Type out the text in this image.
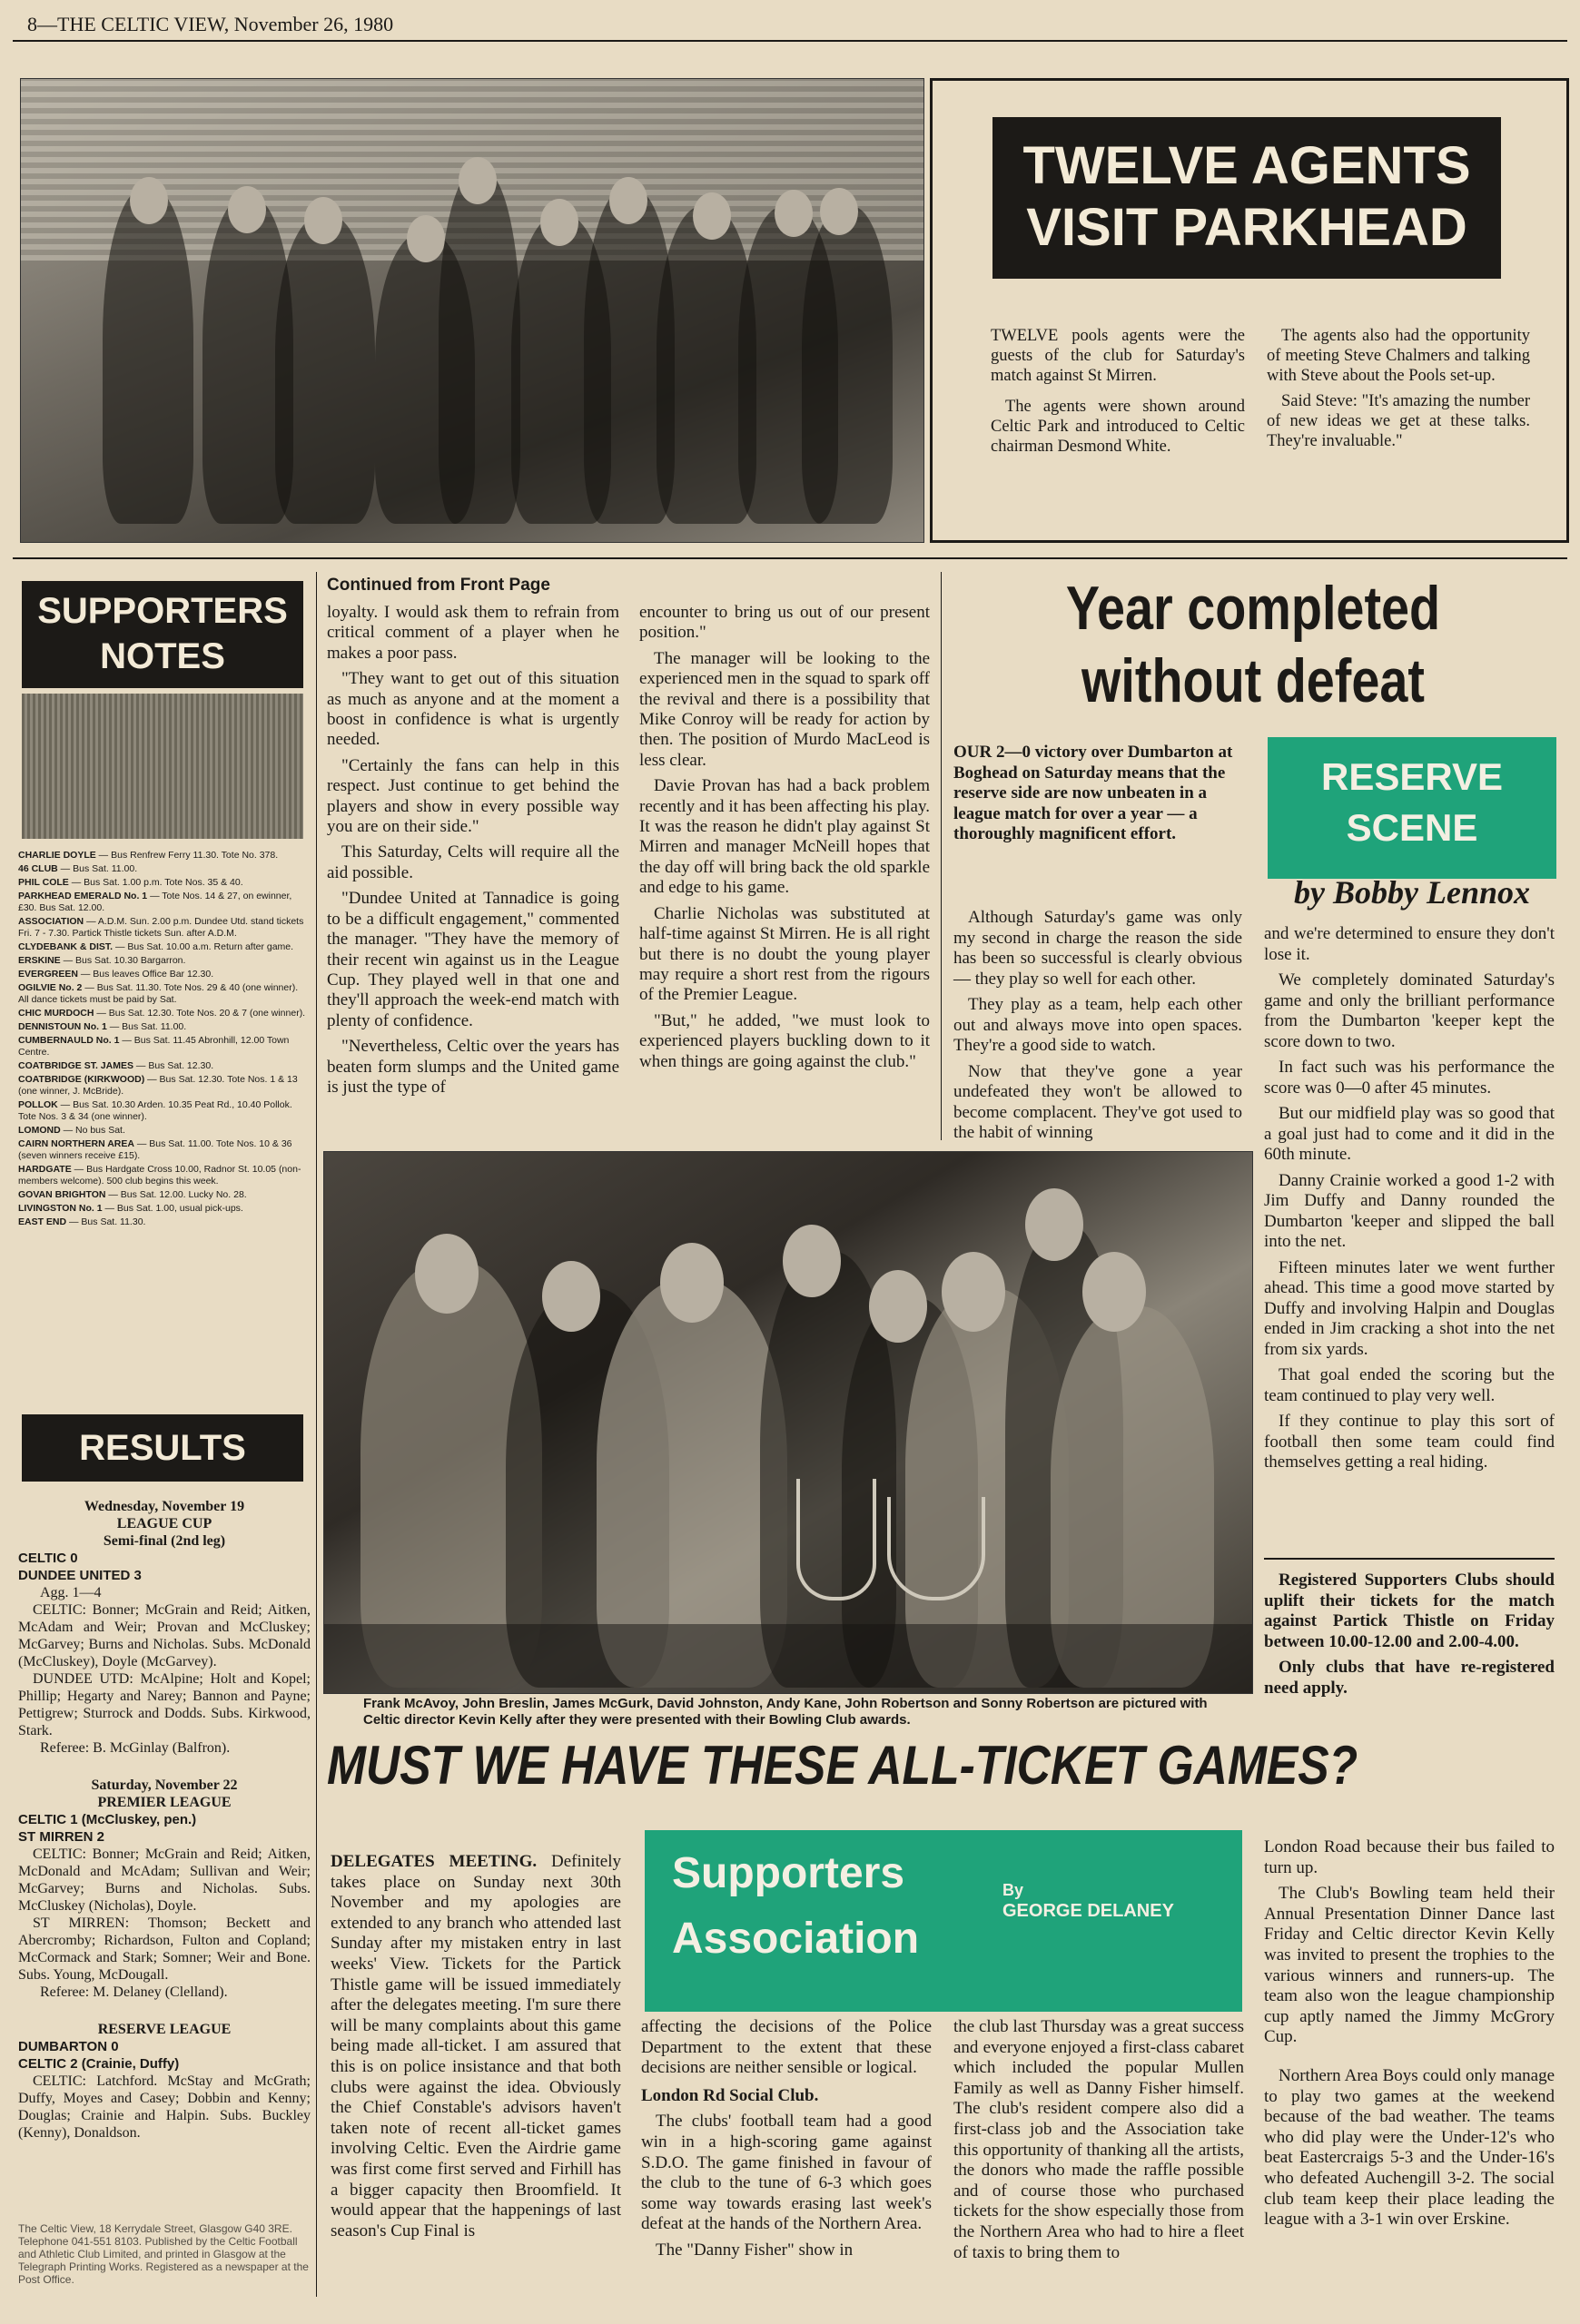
8—THE CELTIC VIEW, November 26, 1980
TWELVE AGENTS
VISIT PARKHEAD

TWELVE pools agents were the guests of the club for Saturday's match against St Mirren.

The agents were shown around Celtic Park and introduced to Celtic chairman Desmond White.

The agents also had the opportunity of meeting Steve Chalmers and talking with Steve about the Pools set-up.

Said Steve: "It's amazing the number of new ideas we get at these talks. They're invaluable."

SUPPORTERS
NOTES

CHARLIE DOYLE — Bus Renfrew Ferry 11.30. Tote No. 378.

46 CLUB — Bus Sat. 11.00.

PHIL COLE — Bus Sat. 1.00 p.m. Tote Nos. 35 & 40.

PARKHEAD EMERALD No. 1 — Tote Nos. 14 & 27, on ewinner, £30. Bus Sat. 12.00.

ASSOCIATION — A.D.M. Sun. 2.00 p.m. Dundee Utd. stand tickets Fri. 7 - 7.30. Partick Thistle tickets Sun. after A.D.M.

CLYDEBANK & DIST. — Bus Sat. 10.00 a.m. Return after game.

ERSKINE — Bus Sat. 10.30 Bargarron.

EVERGREEN — Bus leaves Office Bar 12.30.

OGILVIE No. 2 — Bus Sat. 11.30. Tote Nos. 29 & 40 (one winner). All dance tickets must be paid by Sat.

CHIC MURDOCH — Bus Sat. 12.30. Tote Nos. 20 & 7 (one winner).

DENNISTOUN No. 1 — Bus Sat. 11.00.

CUMBERNAULD No. 1 — Bus Sat. 11.45 Abronhill, 12.00 Town Centre.

COATBRIDGE ST. JAMES — Bus Sat. 12.30.

COATBRIDGE (KIRKWOOD) — Bus Sat. 12.30. Tote Nos. 1 & 13 (one winner, J. McBride).

POLLOK — Bus Sat. 10.30 Arden. 10.35 Peat Rd., 10.40 Pollok. Tote Nos. 3 & 34 (one winner).

LOMOND — No bus Sat.

CAIRN NORTHERN AREA — Bus Sat. 11.00. Tote Nos. 10 & 36 (seven winners receive £15).

HARDGATE — Bus Hardgate Cross 10.00, Radnor St. 10.05 (non-members welcome). 500 club begins this week.

GOVAN BRIGHTON — Bus Sat. 12.00. Lucky No. 28.

LIVINGSTON No. 1 — Bus Sat. 1.00, usual pick-ups.

EAST END — Bus Sat. 11.30.

RESULTS

Wednesday, November 19

LEAGUE CUP

Semi-final (2nd leg)

CELTIC 0

DUNDEE UNITED 3

Agg. 1—4

CELTIC: Bonner; McGrain and Reid; Aitken, McAdam and Weir; Provan and McCluskey; McGarvey; Burns and Nicholas. Subs. McDonald (McCluskey), Doyle (McGarvey).

DUNDEE UTD: McAlpine; Holt and Kopel; Phillip; Hegarty and Narey; Bannon and Payne; Pettigrew; Sturrock and Dodds. Subs. Kirkwood, Stark.

Referee: B. McGinlay (Balfron).

Saturday, November 22

PREMIER LEAGUE

CELTIC 1 (McCluskey, pen.)

ST MIRREN 2

CELTIC: Bonner; McGrain and Reid; Aitken, McDonald and McAdam; Sullivan and Weir; McGarvey; Burns and Nicholas. Subs. McCluskey (Nicholas), Doyle.

ST MIRREN: Thomson; Beckett and Abercromby; Richardson, Fulton and Copland; McCormack and Stark; Somner; Weir and Bone. Subs. Young, McDougall.

Referee: M. Delaney (Clelland).

RESERVE LEAGUE

DUMBARTON 0

CELTIC 2 (Crainie, Duffy)

CELTIC: Latchford. McStay and McGrath; Duffy, Moyes and Casey; Dobbin and Kenny; Douglas; Crainie and Halpin. Subs. Buckley (Kenny), Donaldson.

The Celtic View, 18 Kerrydale Street, Glasgow G40 3RE. Telephone 041-551 8103. Published by the Celtic Football and Athletic Club Limited, and printed in Glasgow at the Telegraph Printing Works. Registered as a newspaper at the Post Office.
Continued from Front Page

loyalty. I would ask them to refrain from critical comment of a player when he makes a poor pass.

"They want to get out of this situation as much as anyone and at the moment a boost in confidence is what is urgently needed.

"Certainly the fans can help in this respect. Just continue to get behind the players and show in every possible way you are on their side."

This Saturday, Celts will require all the aid possible.

"Dundee United at Tannadice is going to be a difficult engagement," commented the manager. "They have the memory of their recent win against us in the League Cup. They played well in that one and they'll approach the week-end match with plenty of confidence.

"Nevertheless, Celtic over the years has beaten form slumps and the United game is just the type of

encounter to bring us out of our present position."

The manager will be looking to the experienced men in the squad to spark off the revival and there is a possibility that Mike Conroy will be ready for action by then. The position of Murdo MacLeod is less clear.

Davie Provan has had a back problem recently and it has been affecting his play. It was the reason he didn't play against St Mirren and manager McNeill hopes that the day off will bring back the old sparkle and edge to his game.

Charlie Nicholas was substituted at half-time against St Mirren. He is all right but there is no doubt the young player may require a short rest from the rigours of the Premier League.

"But," he added, "we must look to experienced players buckling down to it when things are going against the club."

Year completed
without defeat
OUR 2—0 victory over Dumbarton at Boghead on Saturday means that the reserve side are now unbeaten in a league match for over a year — a thoroughly magnificent effort.

Although Saturday's game was only my second in charge the reason the side has been so successful is clearly obvious — they play so well for each other.

They play as a team, help each other out and always move into open spaces. They're a good side to watch.

Now that they've gone a year undefeated they won't be allowed to become complacent. They've got used to the habit of winning

RESERVE
SCENE
by Bobby Lennox

and we're determined to ensure they don't lose it.

We completely dominated Saturday's game and only the brilliant performance from the Dumbarton 'keeper kept the score down to two.

In fact such was his performance the score was 0—0 after 45 minutes.

But our midfield play was so good that a goal just had to come and it did in the 60th minute.

Danny Crainie worked a good 1-2 with Jim Duffy and Danny rounded the Dumbarton 'keeper and slipped the ball into the net.

Fifteen minutes later we went further ahead. This time a good move started by Duffy and involving Halpin and Douglas ended in Jim cracking a shot into the net from six yards.

That goal ended the scoring but the team continued to play very well.

If they continue to play this sort of football then some team could find themselves getting a real hiding.

Registered Supporters Clubs should uplift their tickets for the match against Partick Thistle on Friday between 10.00-12.00 and 2.00-4.00.

Only clubs that have re-registered need apply.

Frank McAvoy, John Breslin, James McGurk, David Johnston, Andy Kane, John Robertson and Sonny Robertson are pictured with Celtic director Kevin Kelly after they were presented with their Bowling Club awards.
MUST WE HAVE THESE ALL-TICKET GAMES?
Supporters
Association
By
GEORGE DELANEY

DELEGATES MEETING. Definitely takes place on Sunday next 30th November and my apologies are extended to any branch who attended last Sunday after my mistaken entry in last weeks' View. Tickets for the Partick Thistle game will be issued immediately after the delegates meeting. I'm sure there will be many complaints about this game being made all-ticket. I am assured that this is on police insistance and that both clubs were against the idea. Obviously the Chief Constable's advisors haven't taken note of recent all-ticket games involving Celtic. Even the Airdrie game was first come first served and Firhill has a bigger capacity then Broomfield. It would appear that the happenings of last season's Cup Final is

affecting the decisions of the Police Department to the extent that these decisions are neither sensible or logical.

London Rd Social Club.

The clubs' football team had a good win in a high-scoring game against S.D.O. The game finished in favour of the club to the tune of 6-3 which goes some way towards erasing last week's defeat at the hands of the Northern Area.

The "Danny Fisher" show in

the club last Thursday was a great success and everyone enjoyed a first-class cabaret which included the popular Mullen Family as well as Danny Fisher himself. The club's resident compere also did a first-class job and the Association take this opportunity of thanking all the artists, the donors who made the raffle possible and of course those who purchased tickets for the show especially those from the Northern Area who had to hire a fleet of taxis to bring them to

London Road because their bus failed to turn up.

The Club's Bowling team held their Annual Presentation Dinner Dance last Friday and Celtic director Kevin Kelly was invited to present the trophies to the various winners and runners-up. The team also won the league championship cup aptly named the Jimmy McGrory Cup.

Northern Area Boys could only manage to play two games at the weekend because of the bad weather. The teams who did play were the Under-12's who beat Eastercraigs 5-3 and the Under-16's who defeated Auchengill 3-2. The social club team keep their place leading the league with a 3-1 win over Erskine.
